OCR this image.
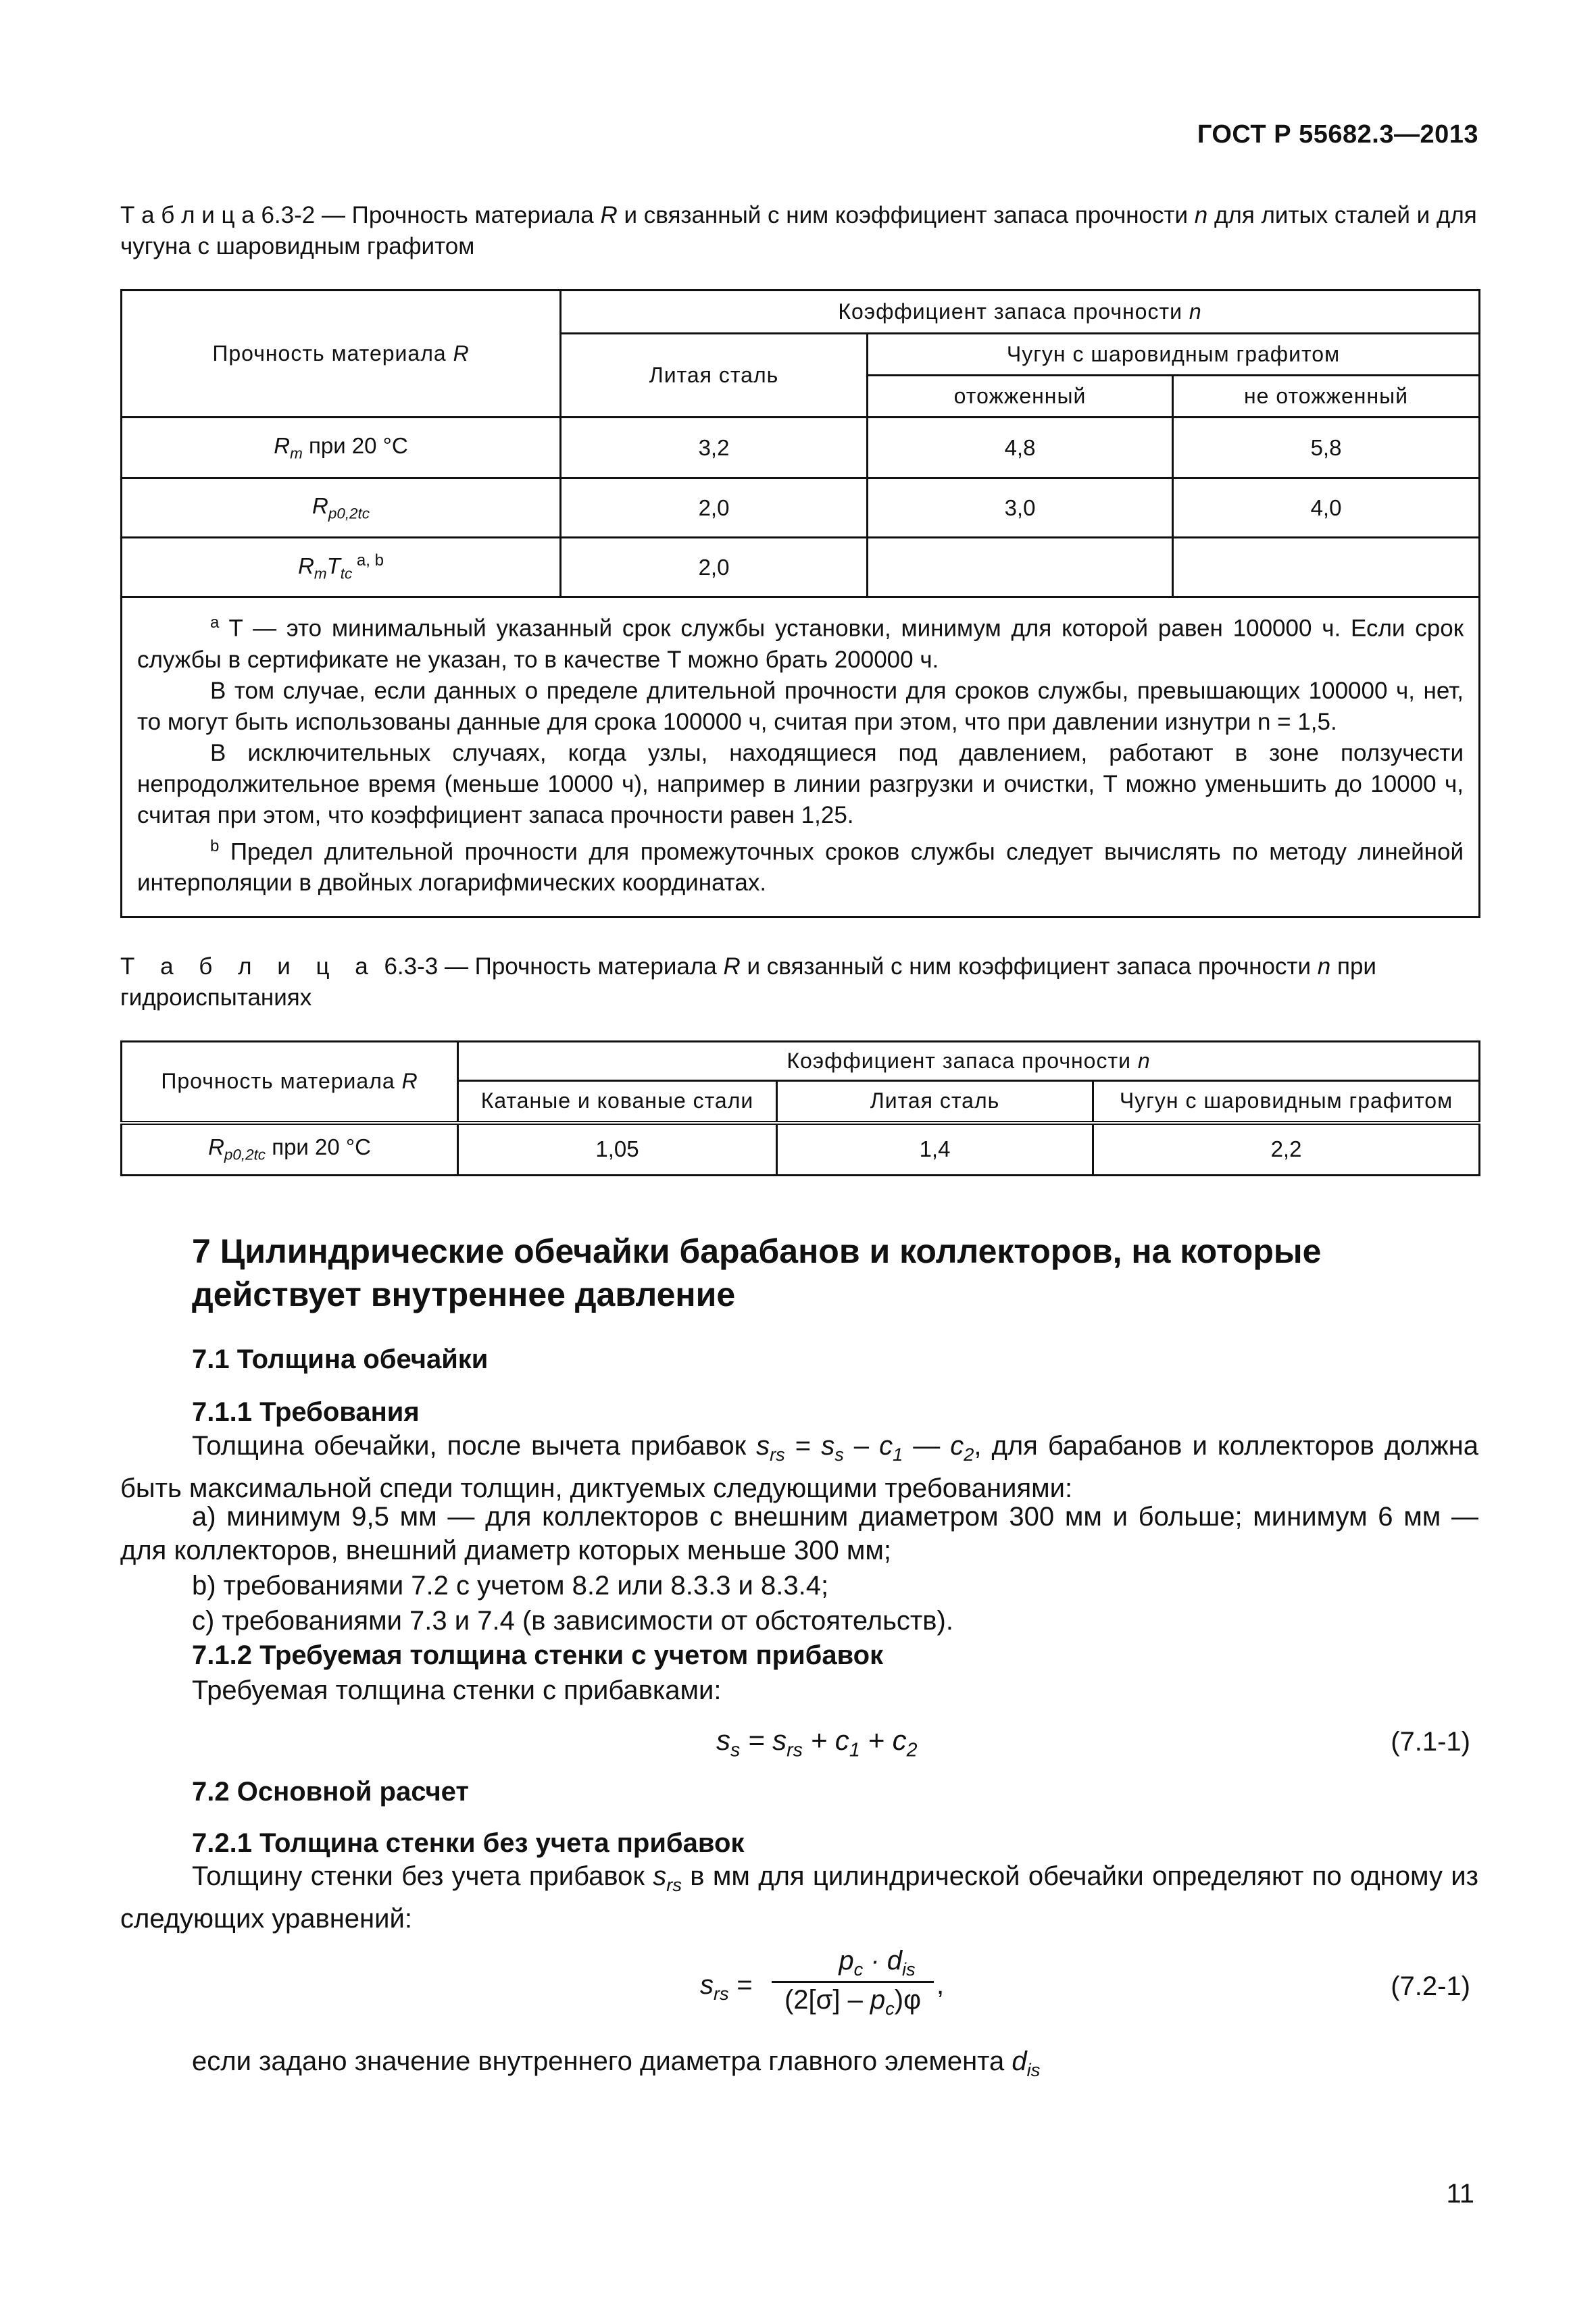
ГОСТ Р 55682.3—2013
Т а б л и ц а 6.3-2 — Прочность материала R и связанный с ним коэффициент запаса прочности n для литых сталей и для чугуна с шаровидным графитом
Прочность материала R	Коэффициент запаса прочности n		
	Литая сталь	Чугун с шаровидным графитом	
		отожженный	не отожженный
$R_m$ при 20 °C	3,2	4,8	5,8
$R_{p0,2tc}$	2,0	3,0	4,0
$R_mT_{tc}$ $^{a, b}$	2,0		

$^a$ T — это минимальный указанный срок службы установки, минимум для которой равен 100000 ч. Если срок службы в сертификате не указан, то в качестве T можно брать 200000 ч.

В том случае, если данных о пределе длительной прочности для сроков службы, превышающих 100000 ч, нет, то могут быть использованы данные для срока 100000 ч, считая при этом, что при давлении изнутри n = 1,5.

В исключительных случаях, когда узлы, находящиеся под давлением, работают в зоне ползучести непродолжительное время (меньше 10000 ч), например в линии разгрузки и очистки, T можно уменьшить до 10000 ч, считая при этом, что коэффициент запаса прочности равен 1,25.

$^b$ Предел длительной прочности для промежуточных сроков службы следует вычислять по методу линейной интерполяции в двойных логарифмических координатах.			

Т а б л и ц а 6.3-3 — Прочность материала R и связанный с ним коэффициент запаса прочности n при гидроиспытаниях
Прочность материала R	Коэффициент запаса прочности n		
	Катаные и кованые стали	Литая сталь	Чугун с шаровидным графитом
$R_{p0,2tc}$ при 20 °C	1,05	1,4	2,2
7 Цилиндрические обечайки барабанов и коллекторов, на которые действует внутреннее давление
7.1 Толщина обечайки
7.1.1 Требования
Толщина обечайки, после вычета прибавок $s_{rs} = s_s - c_1$ — $c_2$, для барабанов и коллекторов должна быть максимальной спеди толщин, диктуемых следующими требованиями:
а) минимум 9,5 мм — для коллекторов с внешним диаметром 300 мм и больше; минимум 6 мм — для коллекторов, внешний диаметр которых меньше 300 мм;
b) требованиями 7.2 с учетом 8.2 или 8.3.3 и 8.3.4;
с) требованиями 7.3 и 7.4 (в зависимости от обстоятельств).
7.1.2 Требуемая толщина стенки с учетом прибавок
Требуемая толщина стенки с прибавками:
$s_s = s_{rs} + c_1 + c_2$	(7.1-1)
7.2 Основной расчет
7.2.1 Толщина стенки без учета прибавок
Толщину стенки без учета прибавок $s_{rs}$ в мм для цилиндрической обечайки определяют по одному из следующих уравнений:
$s_{rs}$ =
$p_c \cdot d_{is}$
$(2[\sigma] - p_c)\varphi$ ,	(7.2-1)
если задано значение внутреннего диаметра главного элемента $d_{is}$
11
